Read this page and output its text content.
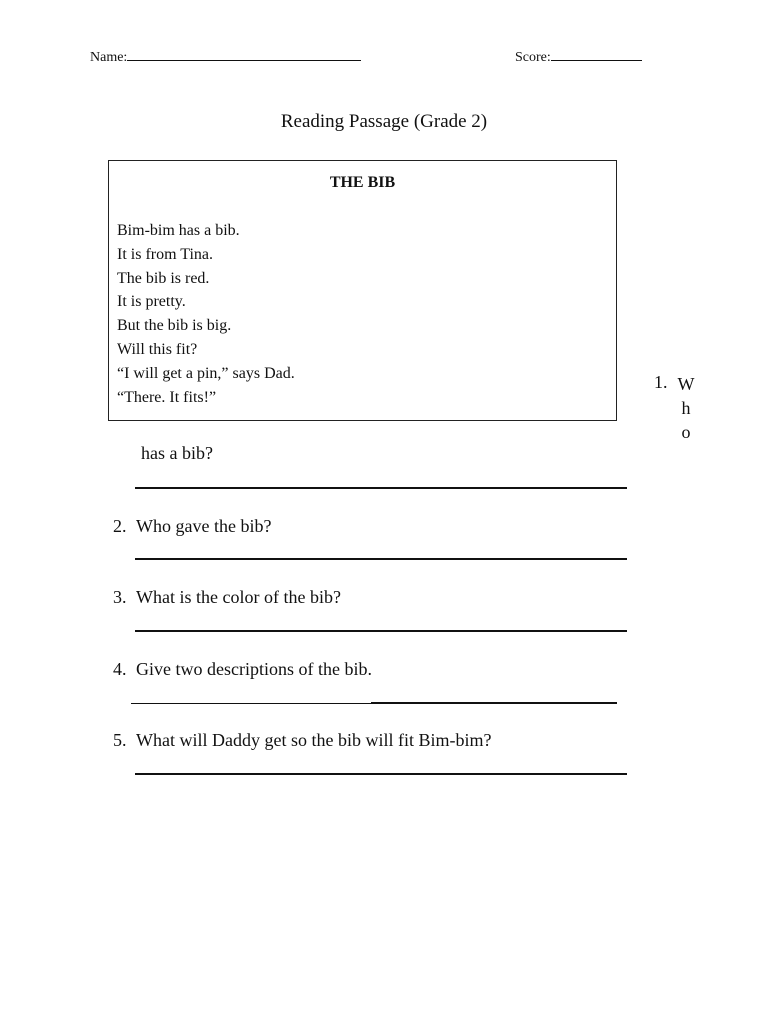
Name:	Score:
Reading Passage (Grade 2)
THE BIB
Bim-bim has a bib.
It is from Tina.
The bib is red.
It is pretty.
But the bib is big.
Will this fit?
“I will get a pin,” says Dad.
“There. It fits!”
1. W
h
o
has a bib?
2. Who gave the bib?
3. What is the color of the bib?
4. Give two descriptions of the bib.
5. What will Daddy get so the bib will fit Bim-bim?
